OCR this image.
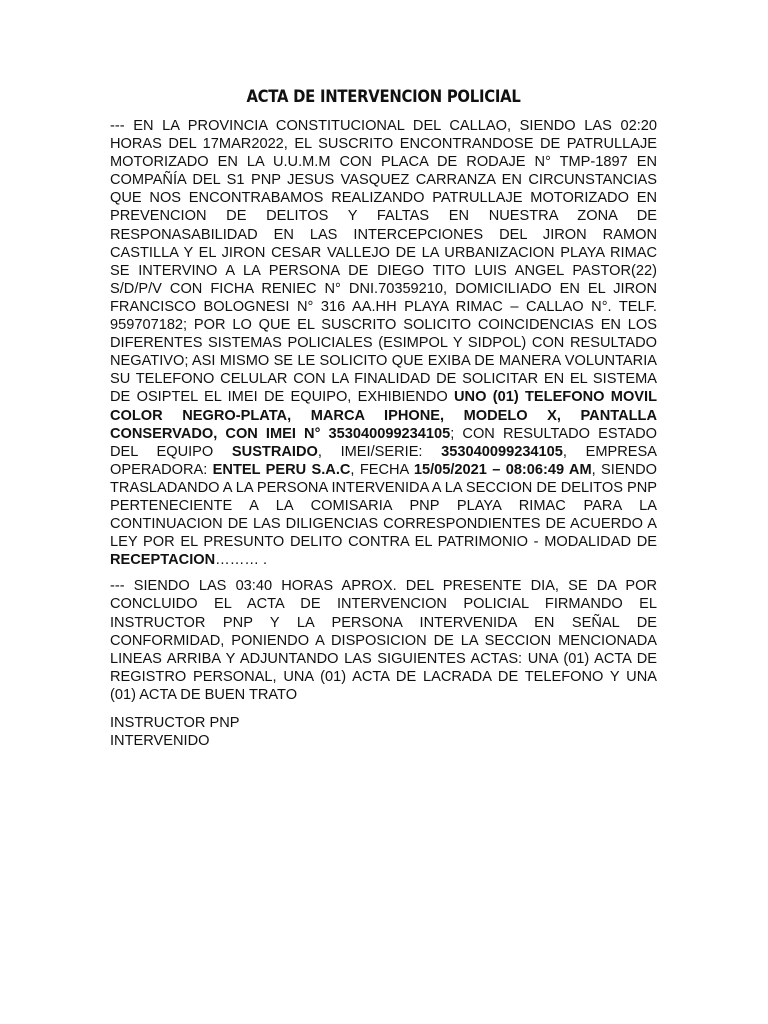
ACTA DE INTERVENCION POLICIAL
--- EN LA PROVINCIA CONSTITUCIONAL DEL CALLAO, SIENDO LAS 02:20 HORAS DEL 17MAR2022, EL SUSCRITO ENCONTRANDOSE DE PATRULLAJE MOTORIZADO EN LA U.U.M.M CON PLACA DE RODAJE N° TMP-1897 EN COMPAÑÍA DEL S1 PNP JESUS VASQUEZ CARRANZA EN CIRCUNSTANCIAS QUE NOS ENCONTRABAMOS REALIZANDO PATRULLAJE MOTORIZADO EN PREVENCION DE DELITOS Y FALTAS EN NUESTRA ZONA DE RESPONASABILIDAD EN LAS INTERCEPCIONES DEL JIRON RAMON CASTILLA Y EL JIRON CESAR VALLEJO DE LA URBANIZACION PLAYA RIMAC SE INTERVINO A LA PERSONA DE DIEGO TITO LUIS ANGEL PASTOR(22) S/D/P/V CON FICHA RENIEC N° DNI.70359210, DOMICILIADO EN EL JIRON FRANCISCO BOLOGNESI N° 316 AA.HH PLAYA RIMAC – CALLAO N°. TELF. 959707182; POR LO QUE EL SUSCRITO SOLICITO COINCIDENCIAS EN LOS DIFERENTES SISTEMAS POLICIALES (ESIMPOL Y SIDPOL) CON RESULTADO NEGATIVO; ASI MISMO SE LE SOLICITO QUE EXIBA DE MANERA VOLUNTARIA SU TELEFONO CELULAR CON LA FINALIDAD DE SOLICITAR EN EL SISTEMA DE OSIPTEL EL IMEI DE EQUIPO, EXHIBIENDO UNO (01) TELEFONO MOVIL COLOR NEGRO-PLATA, MARCA IPHONE, MODELO X, PANTALLA CONSERVADO, CON IMEI N° 353040099234105; CON RESULTADO ESTADO DEL EQUIPO SUSTRAIDO, IMEI/SERIE: 353040099234105, EMPRESA OPERADORA: ENTEL PERU S.A.C, FECHA 15/05/2021 – 08:06:49 AM, SIENDO TRASLADANDO A LA PERSONA INTERVENIDA A LA SECCION DE DELITOS PNP PERTENECIENTE A LA COMISARIA PNP PLAYA RIMAC PARA LA CONTINUACION DE LAS DILIGENCIAS CORRESPONDIENTES DE ACUERDO A LEY POR EL PRESUNTO DELITO CONTRA EL PATRIMONIO - MODALIDAD DE RECEPTACION……… .
--- SIENDO LAS 03:40 HORAS APROX. DEL PRESENTE DIA, SE DA POR CONCLUIDO EL ACTA DE INTERVENCION POLICIAL FIRMANDO EL INSTRUCTOR PNP Y LA PERSONA INTERVENIDA EN SEÑAL DE CONFORMIDAD, PONIENDO A DISPOSICION DE LA SECCION MENCIONADA LINEAS ARRIBA Y ADJUNTANDO LAS SIGUIENTES ACTAS: UNA (01) ACTA DE REGISTRO PERSONAL, UNA (01) ACTA DE LACRADA DE TELEFONO Y UNA (01) ACTA DE BUEN TRATO
INSTRUCTOR PNP
INTERVENIDO
